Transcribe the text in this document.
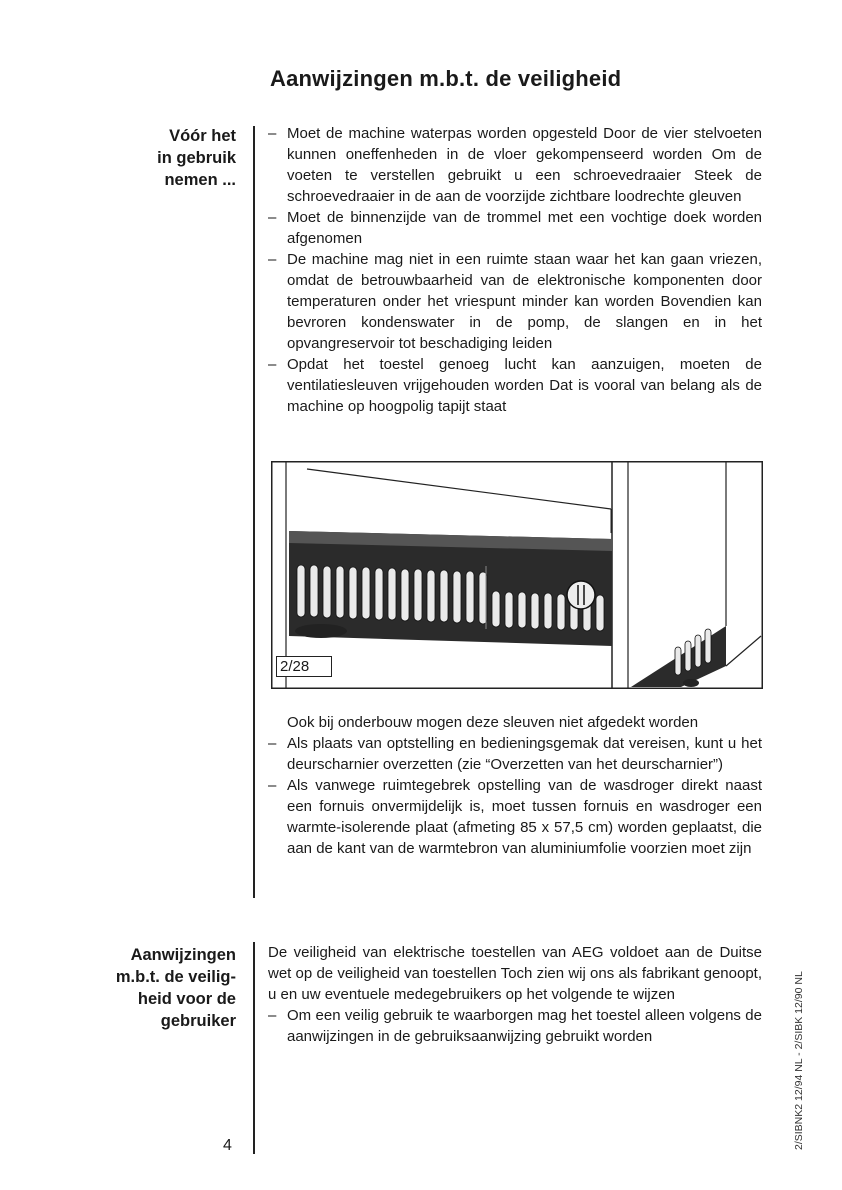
Aanwijzingen m.b.t. de veiligheid
Vóór het
in gebruik
nemen ...
– Moet de machine waterpas worden opgesteld Door de vier stelvoeten kunnen oneffenheden in de vloer gekompenseerd worden Om de voeten te verstellen gebruikt u een schroevedraaier Steek de schroevedraaier in de aan de voorzijde zichtbare loodrechte gleuven
– Moet de binnenzijde van de trommel met een vochtige doek worden afgenomen
– De machine mag niet in een ruimte staan waar het kan gaan vriezen, omdat de betrouwbaarheid van de elektronische komponenten door temperaturen onder het vriespunt minder kan worden Bovendien kan bevroren kondenswater in de pomp, de slangen en in het opvangreservoir tot beschadiging leiden
– Opdat het toestel genoeg lucht kan aanzuigen, moeten de ventilatiesleuven vrijgehouden worden Dat is vooral van belang als de machine op hoogpolig tapijt staat
2/28
Ook bij onderbouw mogen deze sleuven niet afgedekt worden
– Als plaats van optstelling en bedieningsgemak dat vereisen, kunt u het deurscharnier overzetten (zie “Overzetten van het deurscharnier”)
– Als vanwege ruimtegebrek opstelling van de wasdroger direkt naast een fornuis onvermijdelijk is, moet tussen fornuis en wasdroger een warmte-isolerende plaat (afmeting 85 x 57,5 cm) worden geplaatst, die aan de kant van de warmtebron van aluminiumfolie voorzien moet zijn
Aanwijzingen
m.b.t. de veilig-
heid voor de
gebruiker
De veiligheid van elektrische toestellen van AEG voldoet aan de Duitse wet op de veiligheid van toestellen Toch zien wij ons als fabrikant genoopt, u en uw eventuele medegebruikers op het volgende te wijzen
– Om een veilig gebruik te waarborgen mag het toestel alleen volgens de aanwijzingen in de gebruiksaanwijzing gebruikt worden
4	2/SIBNK2 12/94 NL - 2/SIBK 12/90 NL
